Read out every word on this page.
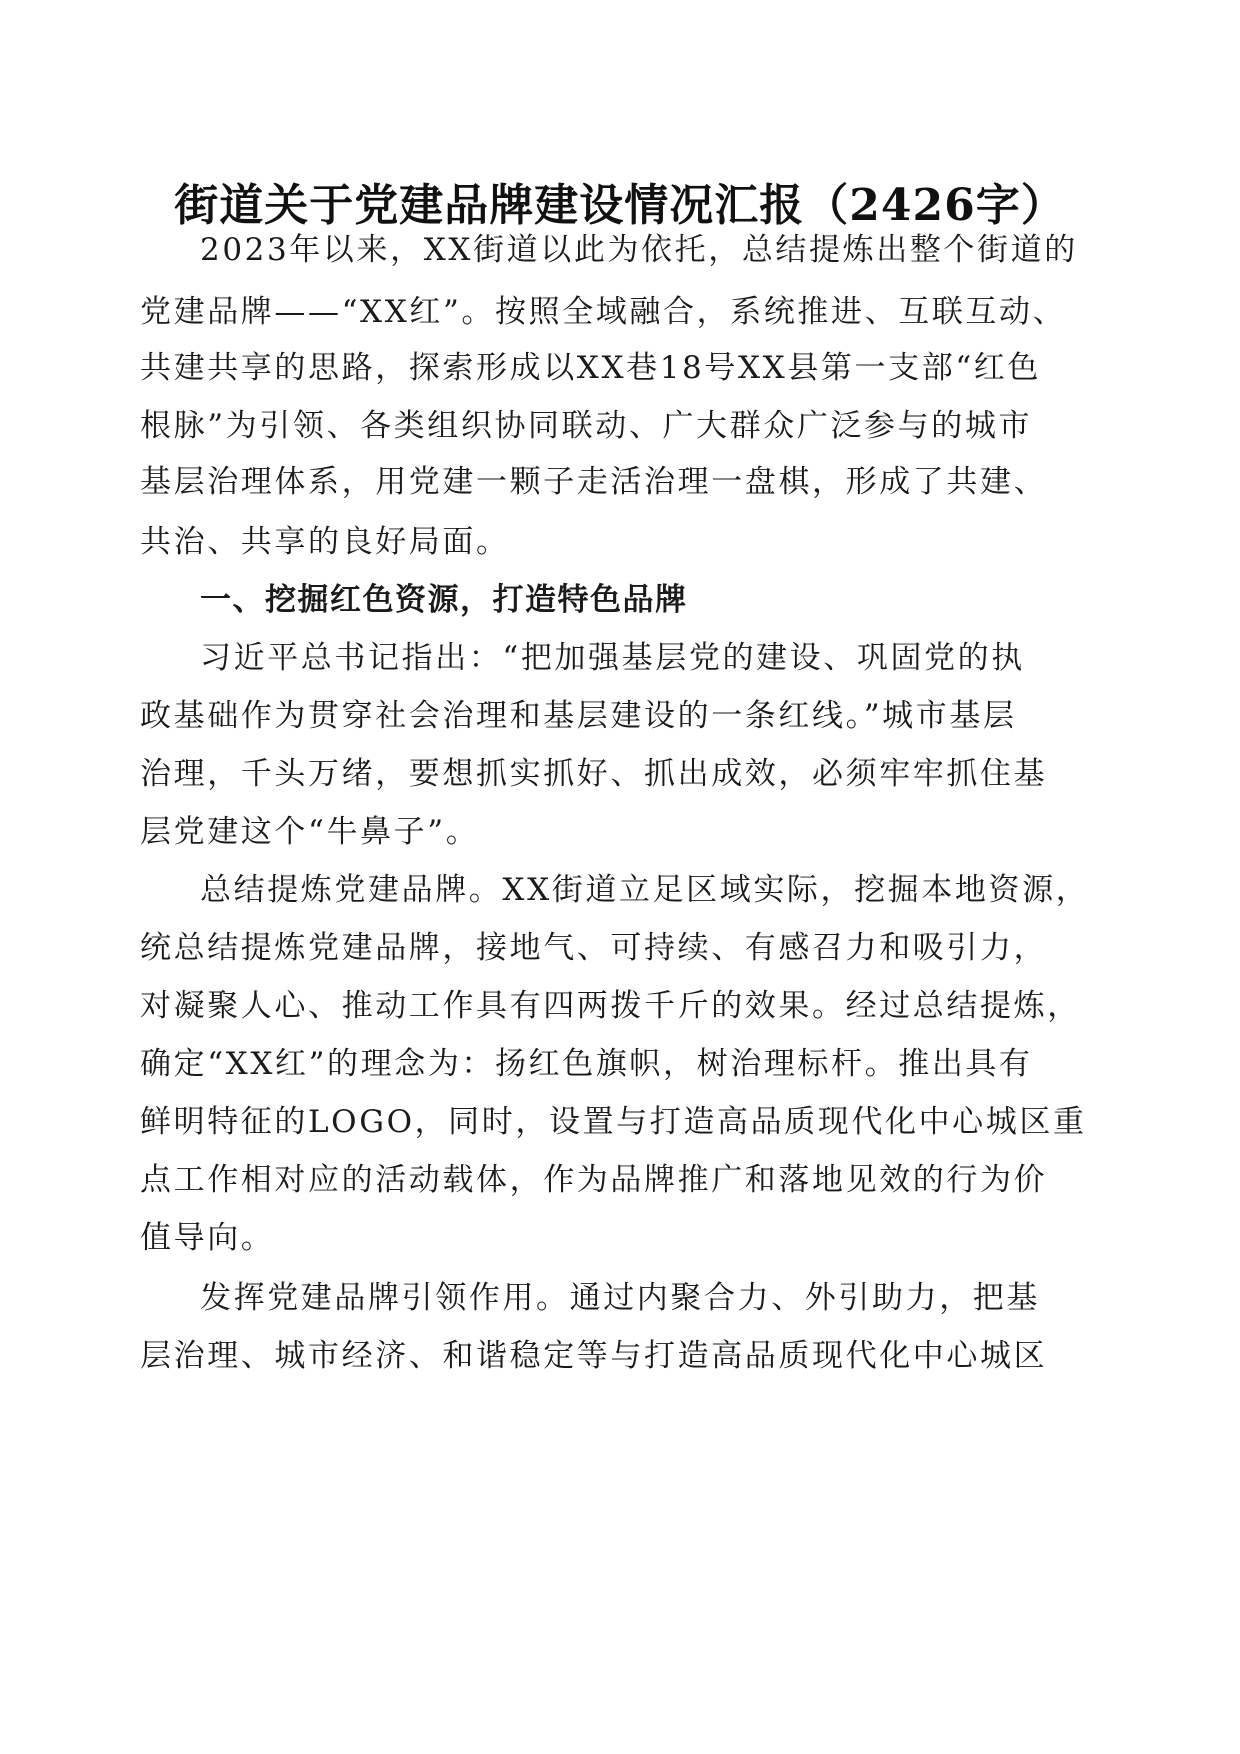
街道关于党建品牌建设情况汇报（2426字）
2023年以来，XX街道以此为依托，总结提炼出整个街道的
党建品牌——“XX红”。按照全域融合，系统推进、互联互动、
共建共享的思路，探索形成以XX巷18号XX县第一支部“红色
根脉”为引领、各类组织协同联动、广大群众广泛参与的城市
基层治理体系，用党建一颗子走活治理一盘棋，形成了共建、
共治、共享的良好局面。
一、挖掘红色资源，打造特色品牌
习近平总书记指出：“把加强基层党的建设、巩固党的执
政基础作为贯穿社会治理和基层建设的一条红线。”城市基层
治理，千头万绪，要想抓实抓好、抓出成效，必须牢牢抓住基
层党建这个“牛鼻子”。
总结提炼党建品牌。XX街道立足区域实际，挖掘本地资源，
统总结提炼党建品牌，接地气、可持续、有感召力和吸引力，
对凝聚人心、推动工作具有四两拨千斤的效果。经过总结提炼，
确定“XX红”的理念为：扬红色旗帜，树治理标杆。推出具有
鲜明特征的LOGO，同时，设置与打造高品质现代化中心城区重
点工作相对应的活动载体，作为品牌推广和落地见效的行为价
值导向。
发挥党建品牌引领作用。通过内聚合力、外引助力，把基
层治理、城市经济、和谐稳定等与打造高品质现代化中心城区
